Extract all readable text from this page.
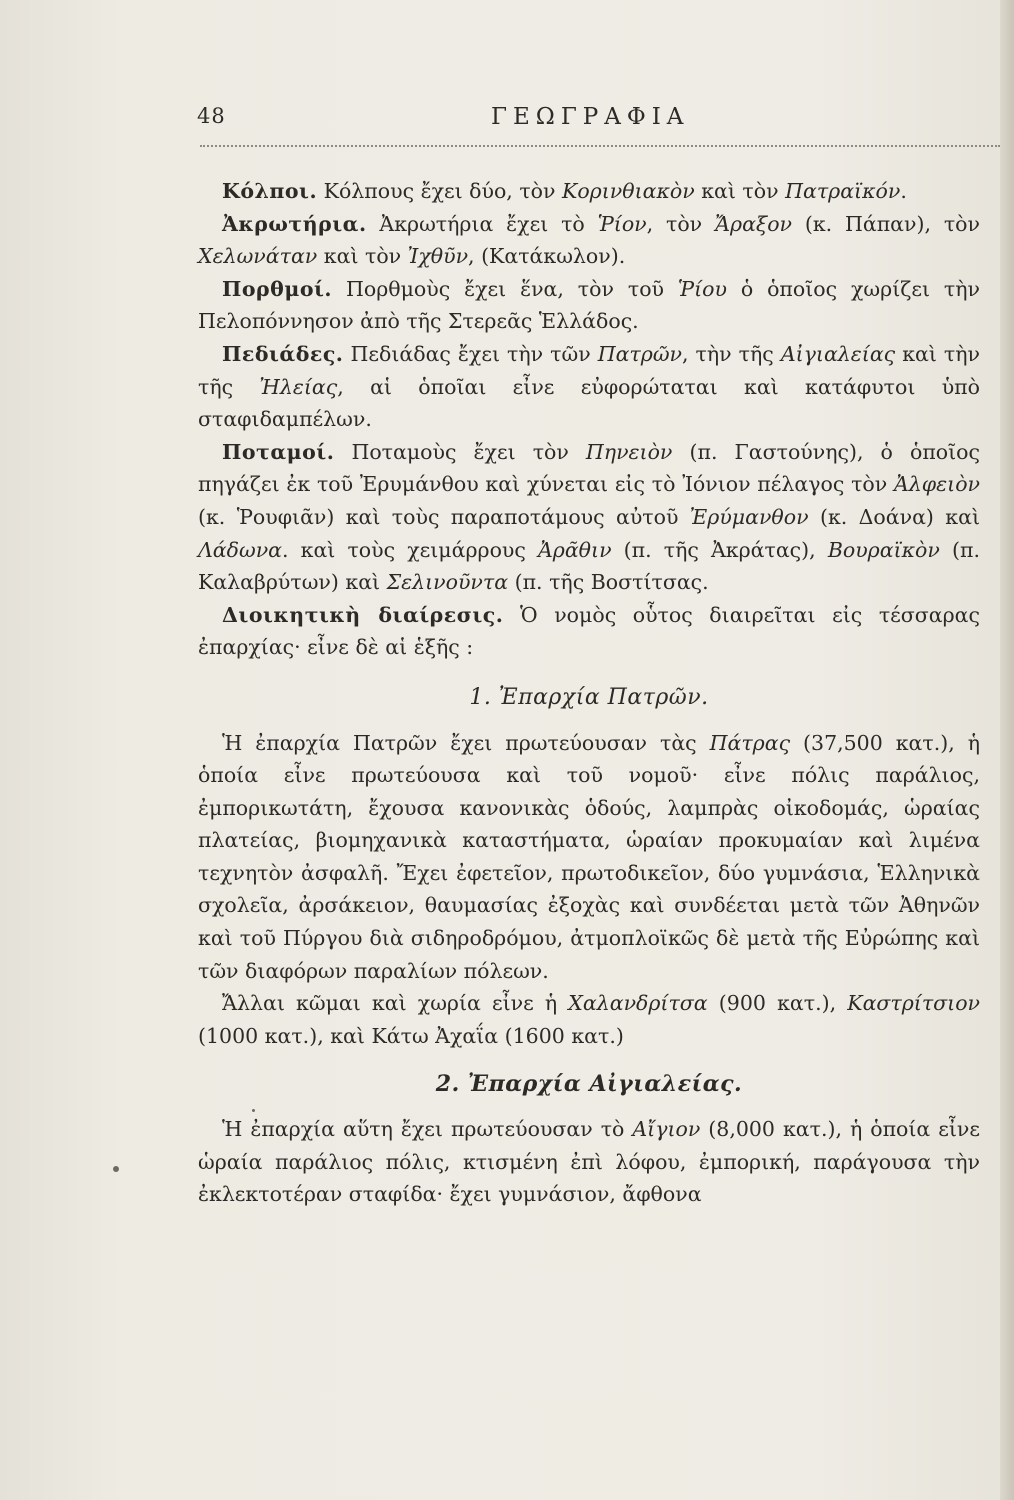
48	ΓΕΩΓΡΑΦΙΑ

Κόλποι. Κόλπους ἔχει δύο, τὸν Κορινθιακὸν καὶ τὸν Πατραϊκόν.

Ἀκρωτήρια. Ἀκρωτήρια ἔχει τὸ Ῥίον, τὸν Ἄραξον (κ. Πάπαν), τὸν Χελωνάταν καὶ τὸν Ἰχθῦν, (Κατάκωλον).

Πορθμοί. Πορθμοὺς ἔχει ἕνα, τὸν τοῦ Ῥίου ὁ ὁποῖος χωρίζει τὴν Πελοπόννησον ἀπὸ τῆς Στερεᾶς Ἑλλάδος.

Πεδιάδες. Πεδιάδας ἔχει τὴν τῶν Πατρῶν, τὴν τῆς Αἰγιαλείας καὶ τὴν τῆς Ἠλείας, αἱ ὁποῖαι εἶνε εὐφορώταται καὶ κατάφυτοι ὑπὸ σταφιδαμπέλων.

Ποταμοί. Ποταμοὺς ἔχει τὸν Πηνειὸν (π. Γαστούνης), ὁ ὁποῖος πηγάζει ἐκ τοῦ Ἐρυμάνθου καὶ χύνεται εἰς τὸ Ἰόνιον πέλαγος τὸν Ἀλφειὸν (κ. Ῥουφιᾶν) καὶ τοὺς παραποτάμους αὐτοῦ Ἐρύμανθον (κ. Δοάνα) καὶ Λάδωνα. καὶ τοὺς χειμάρρους Ἀρᾶθιν (π. τῆς Ἀκράτας), Βουραϊκὸν (π. Καλαβρύτων) καὶ Σελινοῦντα (π. τῆς Βοστίτσας.

Διοικητικὴ διαίρεσις. Ὁ νομὸς οὗτος διαιρεῖται εἰς τέσσαρας ἐπαρχίας· εἶνε δὲ αἱ ἑξῆς :

1. Ἐπαρχία Πατρῶν.

Ἡ ἐπαρχία Πατρῶν ἔχει πρωτεύουσαν τὰς Πάτρας (37,500 κατ.), ἡ ὁποία εἶνε πρωτεύουσα καὶ τοῦ νομοῦ· εἶνε πόλις παράλιος, ἐμπορικωτάτη, ἔχουσα κανονικὰς ὁδούς, λαμπρὰς οἰκοδομάς, ὡραίας πλατείας, βιομηχανικὰ καταστήματα, ὡραίαν προκυμαίαν καὶ λιμένα τεχνητὸν ἀσφαλῆ. Ἔχει ἐφετεῖον, πρωτοδικεῖον, δύο γυμνάσια, Ἑλληνικὰ σχολεῖα, ἀρσάκειον, θαυμασίας ἐξοχὰς καὶ συνδέεται μετὰ τῶν Ἀθηνῶν καὶ τοῦ Πύργου διὰ σιδηροδρόμου, ἀτμοπλοϊκῶς δὲ μετὰ τῆς Εὐρώπης καὶ τῶν διαφόρων παραλίων πόλεων.

Ἄλλαι κῶμαι καὶ χωρία εἶνε ἡ Χαλανδρίτσα (900 κατ.), Καστρίτσιον (1000 κατ.), καὶ Κάτω Ἀχαΐα (1600 κατ.)

2. Ἐπαρχία Αἰγιαλείας.

Ἡ ἐπαρχία αὕτη ἔχει πρωτεύουσαν τὸ Αἴγιον (8,000 κατ.), ἡ ὁποία εἶνε ὡραία παράλιος πόλις, κτισμένη ἐπὶ λόφου, ἐμπορική, παράγουσα τὴν ἐκλεκτοτέραν σταφίδα· ἔχει γυμνάσιον, ἄφθονα
